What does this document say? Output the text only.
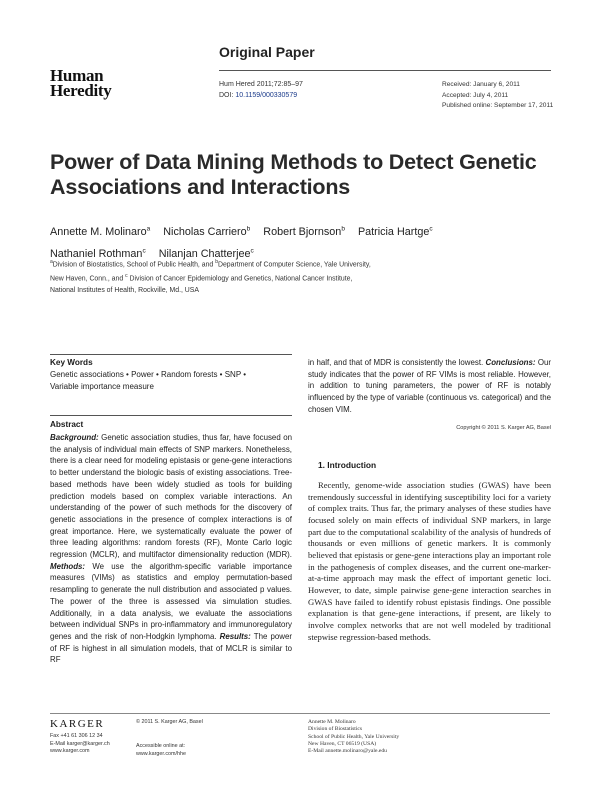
Original Paper
Human
Heredity	Hum Hered 2011;72:85–97
DOI: 10.1159/000330579
Received: January 6, 2011
Accepted: July 4, 2011
Published online: September 17, 2011
Power of Data Mining Methods to Detect Genetic Associations and Interactions
Annette M. Molinaro$^a$ Nicholas Carriero$^b$ Robert Bjornson$^b$ Patricia Hartge$^c$
Nathaniel Rothman$^c$ Nilanjan Chatterjee$^c$
$^a$Division of Biostatistics, School of Public Health, and $^b$Department of Computer Science, Yale University,
New Haven, Conn., and $^c$ Division of Cancer Epidemiology and Genetics, National Cancer Institute,
National Institutes of Health, Rockville, Md., USA
Key Words
Genetic associations • Power • Random forests • SNP •
Variable importance measure
Abstract
Background: Genetic association studies, thus far, have focused on the analysis of individual main effects of SNP markers. Nonetheless, there is a clear need for modeling epistasis or gene-gene interactions to better understand the biologic basis of existing associations. Tree-based methods have been widely studied as tools for building prediction models based on complex variable interactions. An understanding of the power of such methods for the discovery of genetic associations in the presence of complex interactions is of great importance. Here, we systematically evaluate the power of three leading algorithms: random forests (RF), Monte Carlo logic regression (MCLR), and multifactor dimensionality reduction (MDR). Methods: We use the algorithm-specific variable importance measures (VIMs) as statistics and employ permutation-based resampling to generate the null distribution and associated p values. The power of the three is assessed via simulation studies. Additionally, in a data analysis, we evaluate the associations between individual SNPs in pro-inflammatory and immunoregulatory genes and the risk of non-Hodgkin lymphoma. Results: The power of RF is highest in all simulation models, that of MCLR is similar to RF
in half, and that of MDR is consistently the lowest. Conclusions: Our study indicates that the power of RF VIMs is most reliable. However, in addition to tuning parameters, the power of RF is notably influenced by the type of variable (continuous vs. categorical) and the chosen VIM.
Copyright © 2011 S. Karger AG, Basel
1. Introduction
Recently, genome-wide association studies (GWAS) have been tremendously successful in identifying susceptibility loci for a variety of complex traits. Thus far, the primary analyses of these studies have focused solely on main effects of individual SNP markers, in large part due to the computational scalability of the analysis of hundreds of thousands or even millions of genetic markers. It is commonly believed that epistasis or gene-gene interactions play an important role in the pathogenesis of complex diseases, and the current one-marker-at-a-time approach may mask the effect of important genetic loci. However, to date, simple pairwise gene-gene interaction searches in GWAS have failed to identify robust epistasis findings. One possible explanation is that gene-gene interactions, if present, are likely to involve complex networks that are not well modeled by traditional stepwise regression-based methods.
KARGER
Fax +41 61 306 12 34
E-Mail karger@karger.ch
www.karger.com
© 2011 S. Karger AG, Basel
Accessible online at:
www.karger.com/hhe
Annette M. Molinaro
Division of Biostatistics
School of Public Health, Yale University
New Haven, CT 06519 (USA)
E-Mail annette.molinaro@yale.edu
